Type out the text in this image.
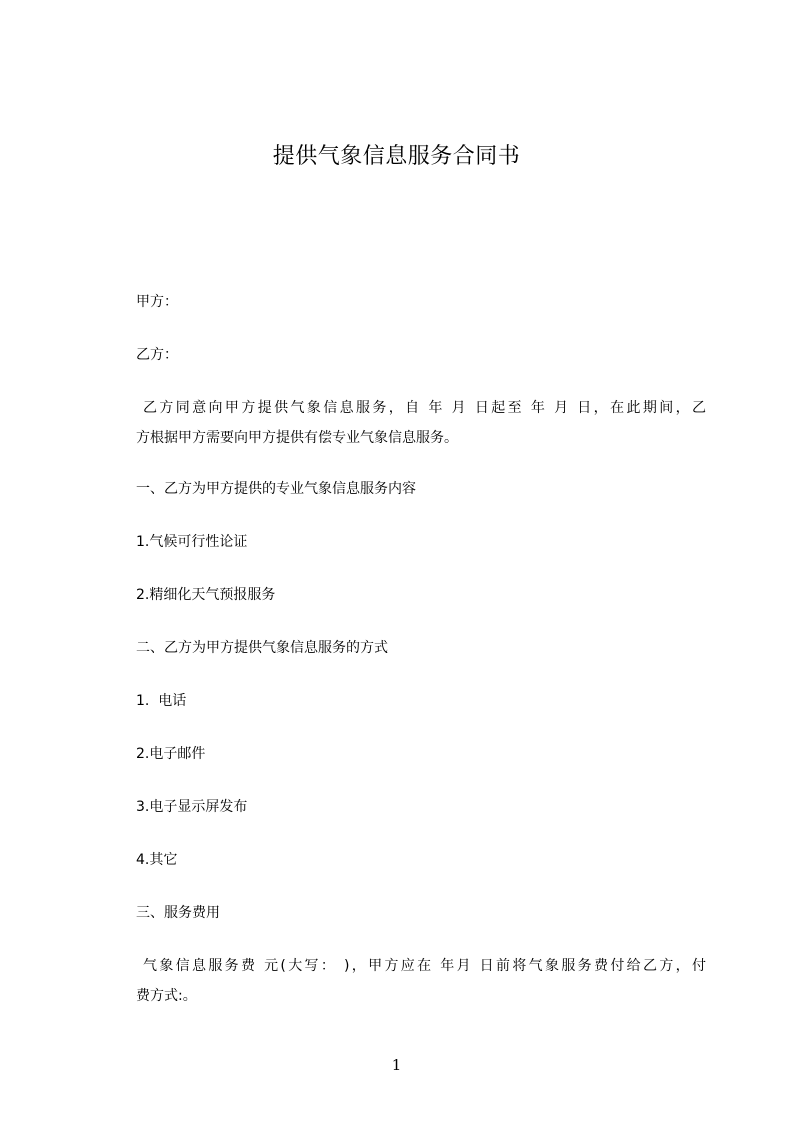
提供气象信息服务合同书
甲方：
乙方：
乙方同意向甲方提供气象信息服务，自 年 月 日起至 年 月 日，在此期间，乙
方根据甲方需要向甲方提供有偿专业气象信息服务。
一、乙方为甲方提供的专业气象信息服务内容
1.气候可行性论证
2.精细化天气预报服务
二、乙方为甲方提供气象信息服务的方式
1.  电话
2.电子邮件
3.电子显示屏发布
4.其它
三、服务费用
气象信息服务费 元(大写： )，甲方应在 年月 日前将气象服务费付给乙方，付
费方式:。
1
